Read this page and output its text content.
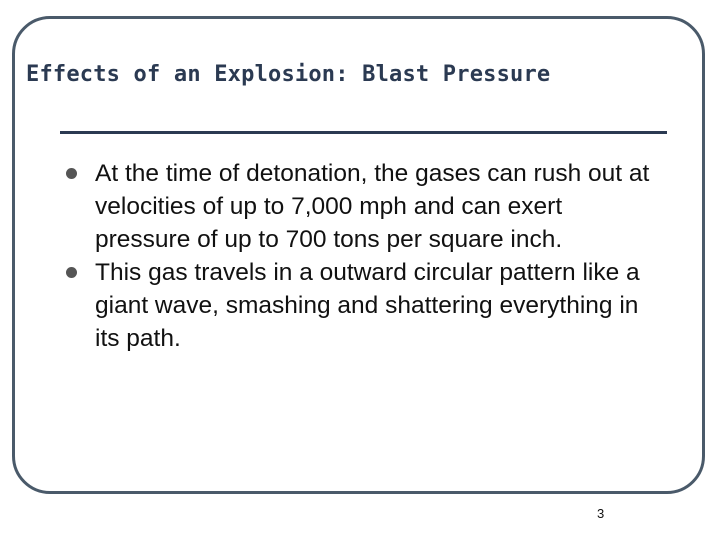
Effects of an Explosion: Blast Pressure
At the time of detonation, the gases can rush out at velocities of up to 7,000 mph and can exert pressure of up to 700 tons per square inch.
This gas travels in a outward circular pattern like a giant wave, smashing and shattering everything in its path.
3
